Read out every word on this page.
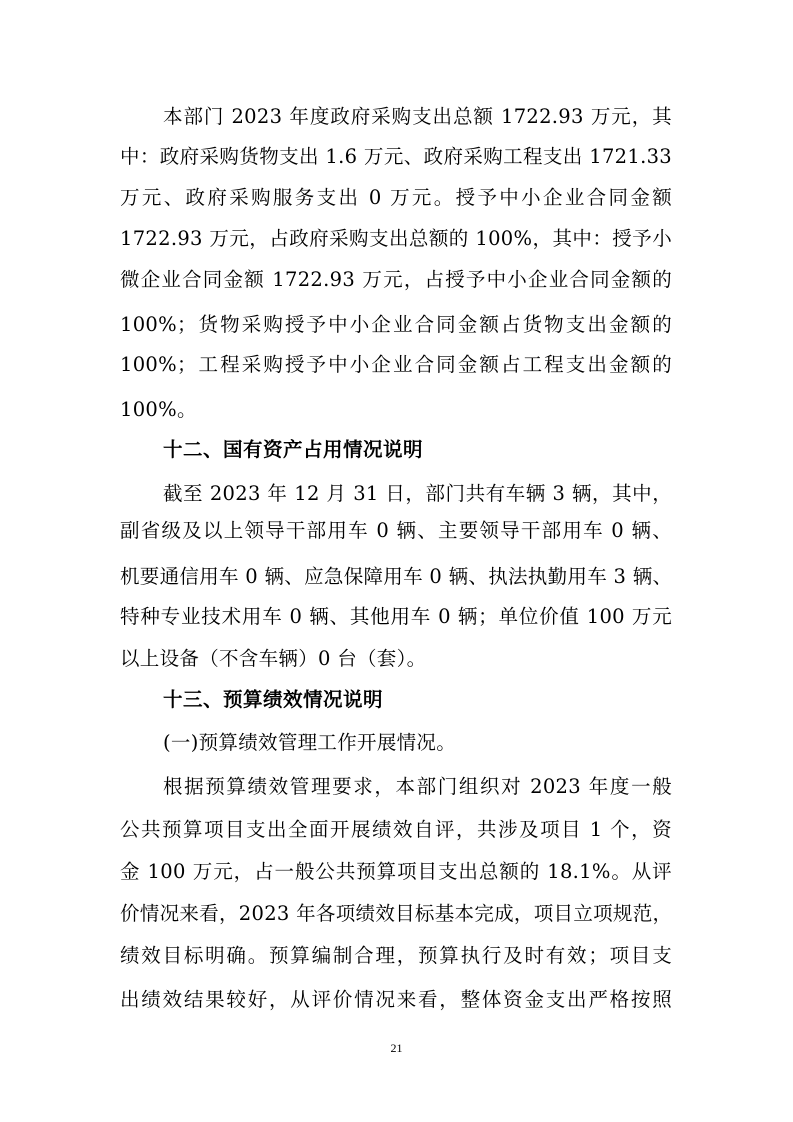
本部门 2023 年度政府采购支出总额 1722.93 万元，其
中：政府采购货物支出 1.6 万元、政府采购工程支出 1721.33
万元、政府采购服务支出 0 万元。授予中小企业合同金额
1722.93 万元，占政府采购支出总额的 100%，其中：授予小
微企业合同金额 1722.93 万元，占授予中小企业合同金额的
100%；货物采购授予中小企业合同金额占货物支出金额的
100%；工程采购授予中小企业合同金额占工程支出金额的
100%。
十二、国有资产占用情况说明
截至 2023 年 12 月 31 日，部门共有车辆 3 辆，其中，
副省级及以上领导干部用车 0 辆、主要领导干部用车 0 辆、
机要通信用车 0 辆、应急保障用车 0 辆、执法执勤用车 3 辆、
特种专业技术用车 0 辆、其他用车 0 辆；单位价值 100 万元
以上设备（不含车辆）0 台（套）。
十三、预算绩效情况说明
(一)预算绩效管理工作开展情况。
根据预算绩效管理要求，本部门组织对 2023 年度一般
公共预算项目支出全面开展绩效自评，共涉及项目 1 个，资
金 100 万元，占一般公共预算项目支出总额的 18.1%。从评
价情况来看，2023 年各项绩效目标基本完成，项目立项规范，
绩效目标明确。预算编制合理，预算执行及时有效；项目支
出绩效结果较好，从评价情况来看，整体资金支出严格按照
21
